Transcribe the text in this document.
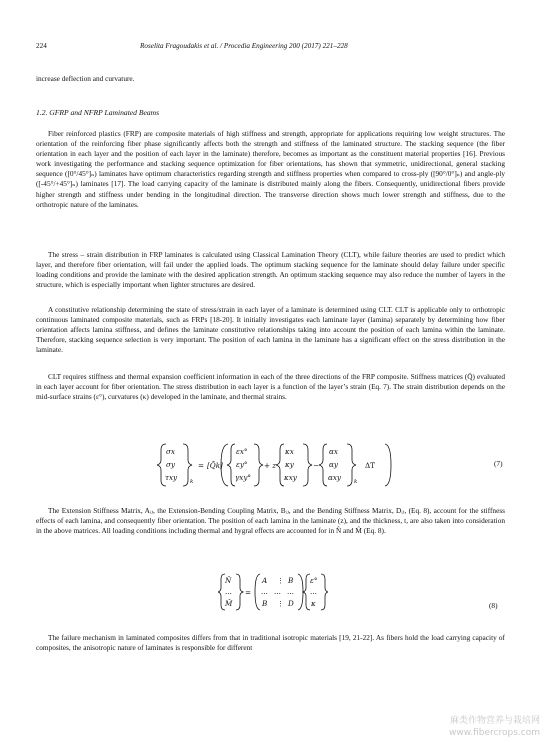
224	Roselita Fragoudakis et al. / Procedia Engineering 200 (2017) 221–228

increase deflection and curvature.

1.2. GFRP and NFRP Laminated Beams

Fiber reinforced plastics (FRP) are composite materials of high stiffness and strength, appropriate for applications requiring low weight structures. The orientation of the reinforcing fiber phase significantly affects both the strength and stiffness of the laminated structure. The stacking sequence (the fiber orientation in each layer and the position of each layer in the laminate) therefore, becomes as important as the constituent material properties [16]. Previous work investigating the performance and stacking sequence optimization for fiber orientations, has shown that symmetric, unidirectional, general stacking sequence ([0°/45°]ₙ) laminates have optimum characteristics regarding strength and stiffness properties when compared to cross-ply ([90°/0°]ₙ) and angle-ply ([-45°/+45°]ₙ) laminates [17]. The load carrying capacity of the laminate is distributed mainly along the fibers. Consequently, unidirectional fibers provide higher strength and stiffness under bending in the longitudinal direction. The transverse direction shows much lower strength and stiffness, due to the orthotropic nature of the laminates.

The stress – strain distribution in FRP laminates is calculated using Classical Lamination Theory (CLT), while failure theories are used to predict which layer, and therefore fiber orientation, will fail under the applied loads. The optimum stacking sequence for the laminate should delay failure under specific loading conditions and provide the laminate with the desired application strength. An optimum stacking sequence may also reduce the number of layers in the structure, which is especially important when lighter structures are desired.

A constitutive relationship determining the state of stress/strain in each layer of a laminate is determined using CLT. CLT is applicable only to orthotropic continuous laminated composite materials, such as FRPs [18-20]. It initially investigates each laminate layer (lamina) separately by determining how fiber orientation affects lamina stiffness, and defines the laminate constitutive relationships taking into account the position of each lamina within the laminate. Therefore, stacking sequence selection is very important. The position of each lamina in the laminate has a significant effect on the stress distribution in the laminate.

CLT requires stiffness and thermal expansion coefficient information in each of the three directions of the FRP composite. Stiffness matrices (Q̄) evaluated in each layer account for fiber orientation. The stress distribution in each layer is a function of the layer’s strain (Eq. 7). The strain distribution depends on the mid-surface strains (ε°), curvatures (κ) developed in the laminate, and thermal strains.

σx
σy
τxy k
= [Q̄k]
εx°
εy°
γxy°
+ z
κx
κy
κxy
−
αx
αy
αxy k
ΔT	(7)

The Extension Stiffness Matrix, Aᵢⱼ, the Extension-Bending Coupling Matrix, Bᵢⱼ, and the Bending Stiffness Matrix, Dᵢⱼ, (Eq. 8), account for the stiffness effects of each lamina, and consequently fiber orientation. The position of each lamina in the laminate (z), and the thickness, t, are also taken into consideration in the above matrices. All loading conditions including thermal and hygral effects are accounted for in N̂ and M̂ (Eq. 8).

N̂
...
M̂
=
A ⋮ B
... ... ...
B ⋮ D
ε°
...
κ	(8)

The failure mechanism in laminated composites differs from that in traditional isotropic materials [19, 21-22]. As fibers hold the load carrying capacity of composites, the anisotropic nature of laminates is responsible for different

麻类作物营养与栽培网
www.fibercrops.com
